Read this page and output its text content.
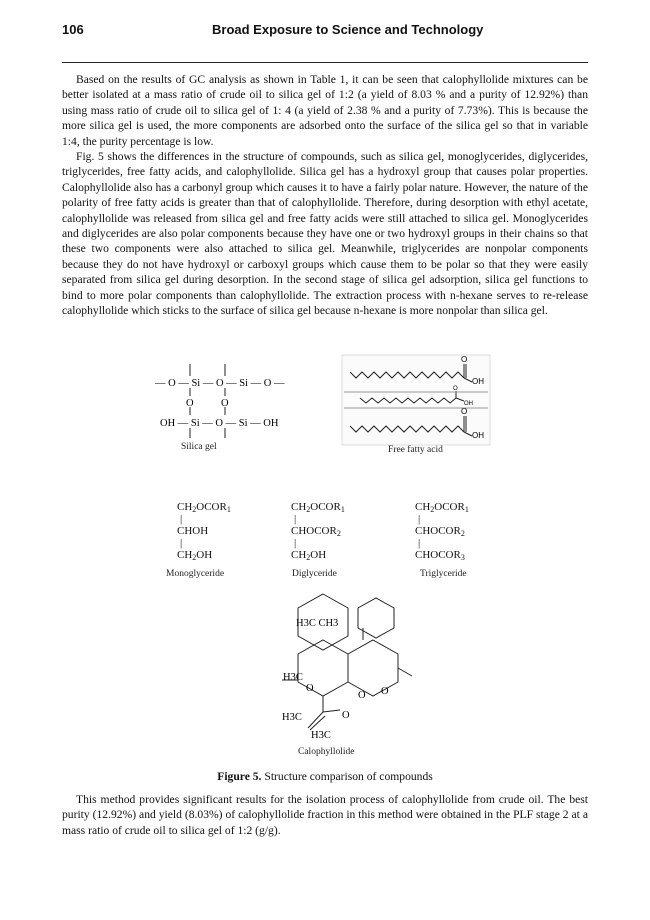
106	Broad Exposure to Science and Technology

Based on the results of GC analysis as shown in Table 1, it can be seen that calophyllolide mixtures can be better isolated at a mass ratio of crude oil to silica gel of 1:2 (a yield of 8.03 % and a purity of 12.92%) than using mass ratio of crude oil to silica gel of 1: 4 (a yield of 2.38 % and a purity of 7.73%). This is because the more silica gel is used, the more components are adsorbed onto the surface of the silica gel so that in variable 1:4, the purity percentage is low.

Fig. 5 shows the differences in the structure of compounds, such as silica gel, monoglycerides, diglycerides, triglycerides, free fatty acids, and calophyllolide. Silica gel has a hydroxyl group that causes polar properties. Calophyllolide also has a carbonyl group which causes it to have a fairly polar nature. However, the nature of the polarity of free fatty acids is greater than that of calophyllolide. Therefore, during desorption with ethyl acetate, calophyllolide was released from silica gel and free fatty acids were still attached to silica gel. Monoglycerides and diglycerides are also polar components because they have one or two hydroxyl groups in their chains so that these two components were also attached to silica gel. Meanwhile, triglycerides are nonpolar components because they do not have hydroxyl or carboxyl groups which cause them to be polar so that they were easily separated from silica gel during desorption. In the second stage of silica gel adsorption, silica gel functions to bind to more polar components than calophyllolide. The extraction process with n-hexane serves to re-release calophyllolide which sticks to the surface of silica gel because n-hexane is more nonpolar than silica gel.

— O — Si — O — Si — O —
O	O
OH — Si — O — Si — OH
O
OH
O
OH
O
OH
H3C CH3
H3C
O
O O
O
H3C
H3C
Silica gel	Free fatty acid
$CH_2OCOR_1$
|
CHOH
|
$CH_2OH$
$CH_2OCOR_1$
|
$CHOCOR_2$
|
$CH_2OH$
$CH_2OCOR_1$
|
$CHOCOR_2$
|
$CHOCOR_3$
Monoglyceride	Diglyceride	Triglyceride
Calophyllolide
Figure 5. Structure comparison of compounds

This method provides significant results for the isolation process of calophyllolide from crude oil. The best purity (12.92%) and yield (8.03%) of calophyllolide fraction in this method were obtained in the PLF stage 2 at a mass ratio of crude oil to silica gel of 1:2 (g/g).
